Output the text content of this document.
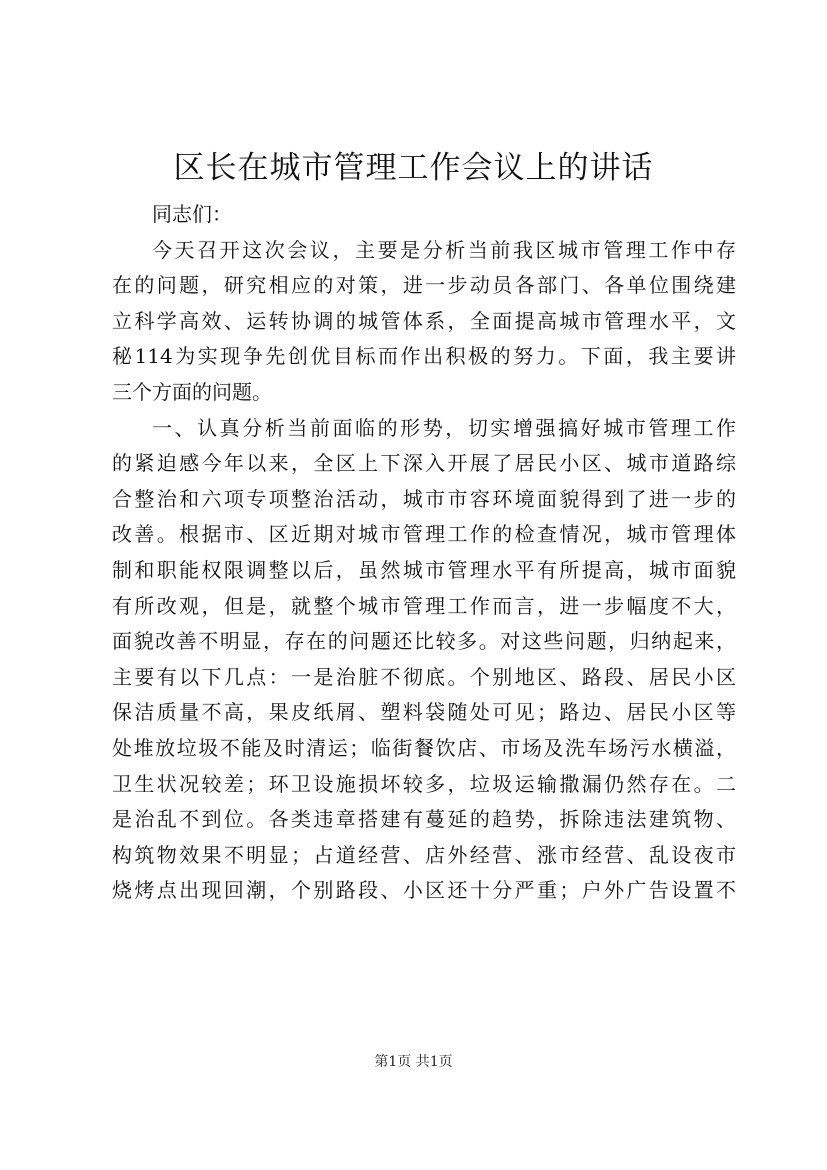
区长在城市管理工作会议上的讲话
同志们：
今天召开这次会议，主要是分析当前我区城市管理工作中存
在的问题，研究相应的对策，进一步动员各部门、各单位围绕建
立科学高效、运转协调的城管体系，全面提高城市管理水平，文
秘114为实现争先创优目标而作出积极的努力。下面，我主要讲
三个方面的问题。
一、认真分析当前面临的形势，切实增强搞好城市管理工作
的紧迫感今年以来，全区上下深入开展了居民小区、城市道路综
合整治和六项专项整治活动，城市市容环境面貌得到了进一步的
改善。根据市、区近期对城市管理工作的检查情况，城市管理体
制和职能权限调整以后，虽然城市管理水平有所提高，城市面貌
有所改观，但是，就整个城市管理工作而言，进一步幅度不大，
面貌改善不明显，存在的问题还比较多。对这些问题，归纳起来，
主要有以下几点：一是治脏不彻底。个别地区、路段、居民小区
保洁质量不高，果皮纸屑、塑料袋随处可见；路边、居民小区等
处堆放垃圾不能及时清运；临街餐饮店、市场及洗车场污水横溢，
卫生状况较差；环卫设施损坏较多，垃圾运输撒漏仍然存在。二
是治乱不到位。各类违章搭建有蔓延的趋势，拆除违法建筑物、
构筑物效果不明显；占道经营、店外经营、涨市经营、乱设夜市
烧烤点出现回潮，个别路段、小区还十分严重；户外广告设置不
第1页 共1页
